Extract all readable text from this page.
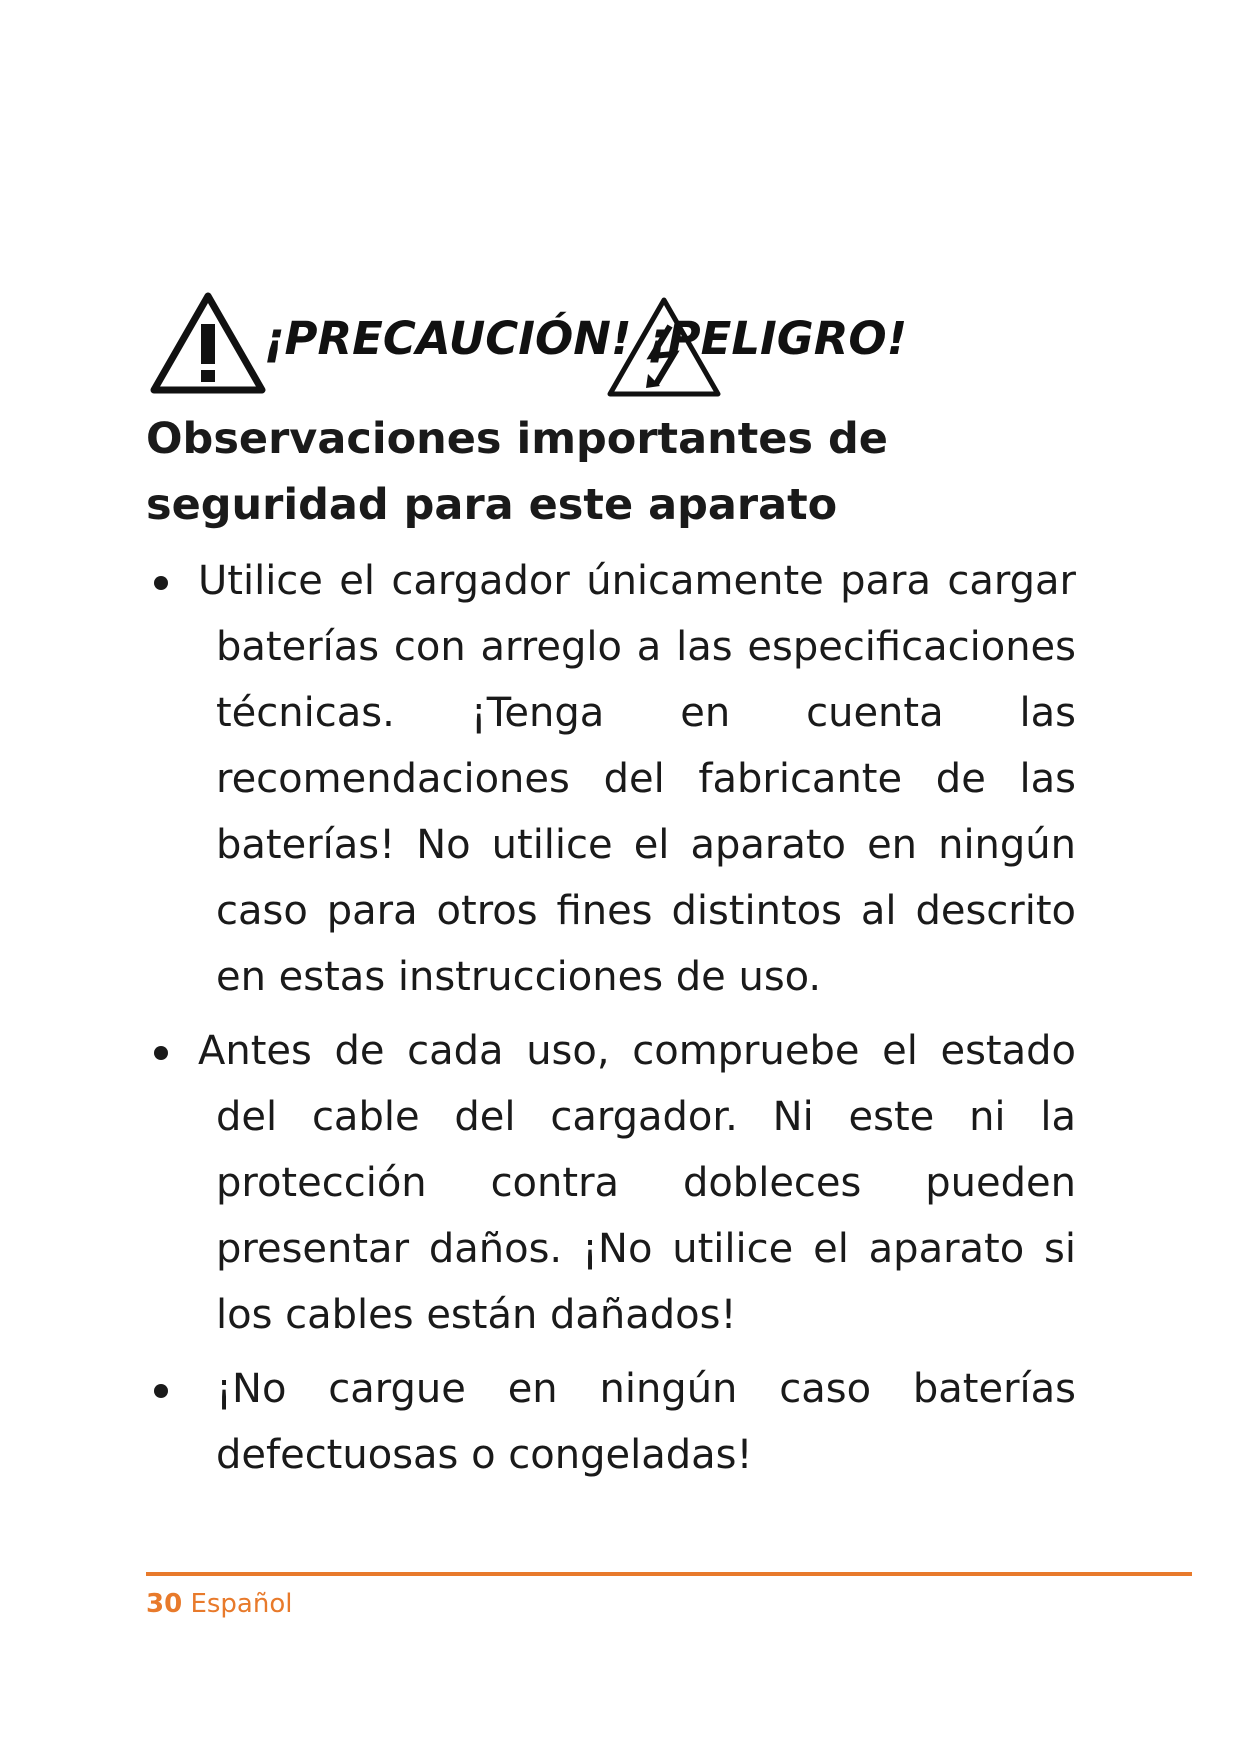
¡PRECAUCIÓN! ¡PELIGRO!
Observaciones importantes de seguridad para este aparato
Utilice el cargador únicamente para cargar baterías con arreglo a las especificaciones técnicas. ¡Tenga en cuenta las recomendaciones del fabricante de las baterías! No utilice el aparato en ningún caso para otros fines distintos al descrito en estas instrucciones de uso.
Antes de cada uso, compruebe el estado del cable del cargador. Ni este ni la protección contra dobleces pueden presentar daños. ¡No utilice el aparato si los cables están dañados!
¡No cargue en ningún caso baterías defectuosas o congeladas!
30 Español
